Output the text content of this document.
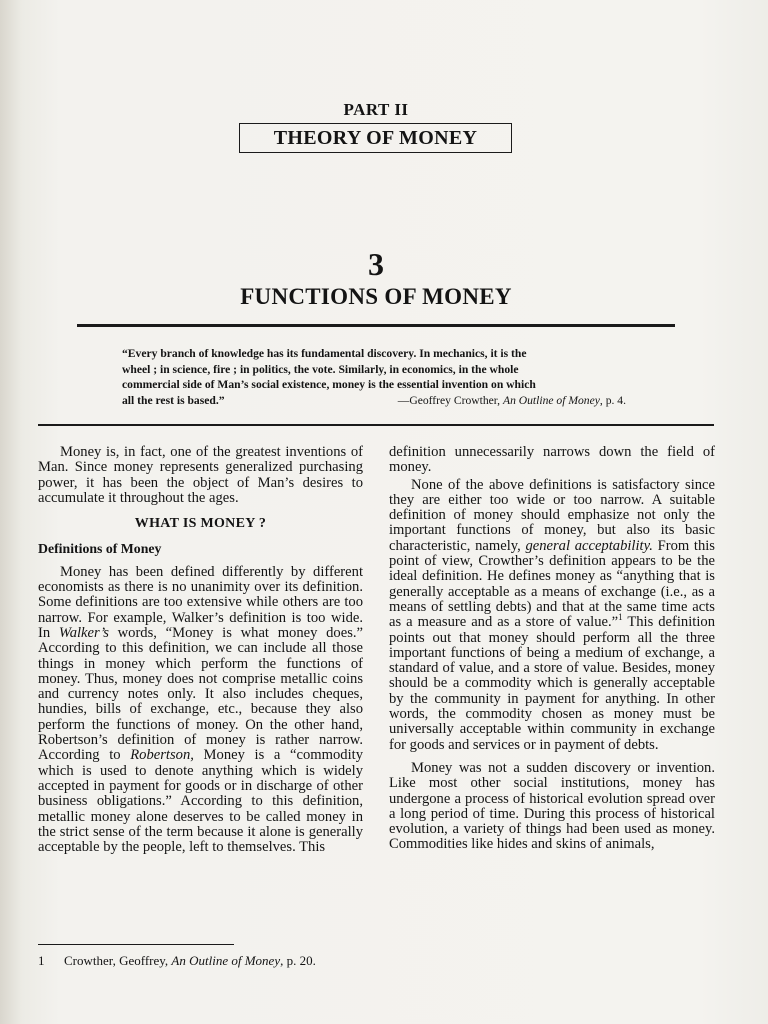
PART II
THEORY OF MONEY
3
FUNCTIONS OF MONEY
“Every branch of knowledge has its fundamental discovery. In mechanics, it is the
wheel ; in science, fire ; in politics, the vote. Similarly, in economics, in the whole
commercial side of Man’s social existence, money is the essential invention on which
all the rest is based.”	—Geoffrey Crowther, An Outline of Money, p. 4.

Money is, in fact, one of the greatest inventions of Man. Since money represents generalized purchasing power, it has been the object of Man’s desires to accumulate it throughout the ages.

WHAT IS MONEY ?
Definitions of Money

Money has been defined differently by different economists as there is no unanimity over its definition. Some definitions are too extensive while others are too narrow. For example, Walker’s definition is too wide. In Walker’s words, “Money is what money does.” According to this definition, we can include all those things in money which perform the functions of money. Thus, money does not comprise metallic coins and currency notes only. It also includes cheques, hundies, bills of exchange, etc., because they also perform the functions of money. On the other hand, Robertson’s definition of money is rather narrow. According to Robertson, Money is a “commodity which is used to denote anything which is widely accepted in payment for goods or in discharge of other business obligations.” According to this definition, metallic money alone deserves to be called money in the strict sense of the term because it alone is generally acceptable by the people, left to themselves. This

definition unnecessarily narrows down the field of money.

None of the above definitions is satisfactory since they are either too wide or too narrow. A suitable definition of money should emphasize not only the important functions of money, but also its basic characteristic, namely, general acceptability. From this point of view, Crowther’s definition appears to be the ideal definition. He defines money as “anything that is generally acceptable as a means of exchange (i.e., as a means of settling debts) and that at the same time acts as a measure and as a store of value.”$^1$ This definition points out that money should perform all the three important functions of being a medium of exchange, a standard of value, and a store of value. Besides, money should be a commodity which is generally acceptable by the community in payment for anything. In other words, the commodity chosen as money must be universally acceptable within community in exchange for goods and services or in payment of debts.

Money was not a sudden discovery or invention. Like most other social institutions, money has undergone a process of historical evolution spread over a long period of time. During this process of historical evolution, a variety of things had been used as money. Commodities like hides and skins of animals,

1 Crowther, Geoffrey, An Outline of Money, p. 20.
